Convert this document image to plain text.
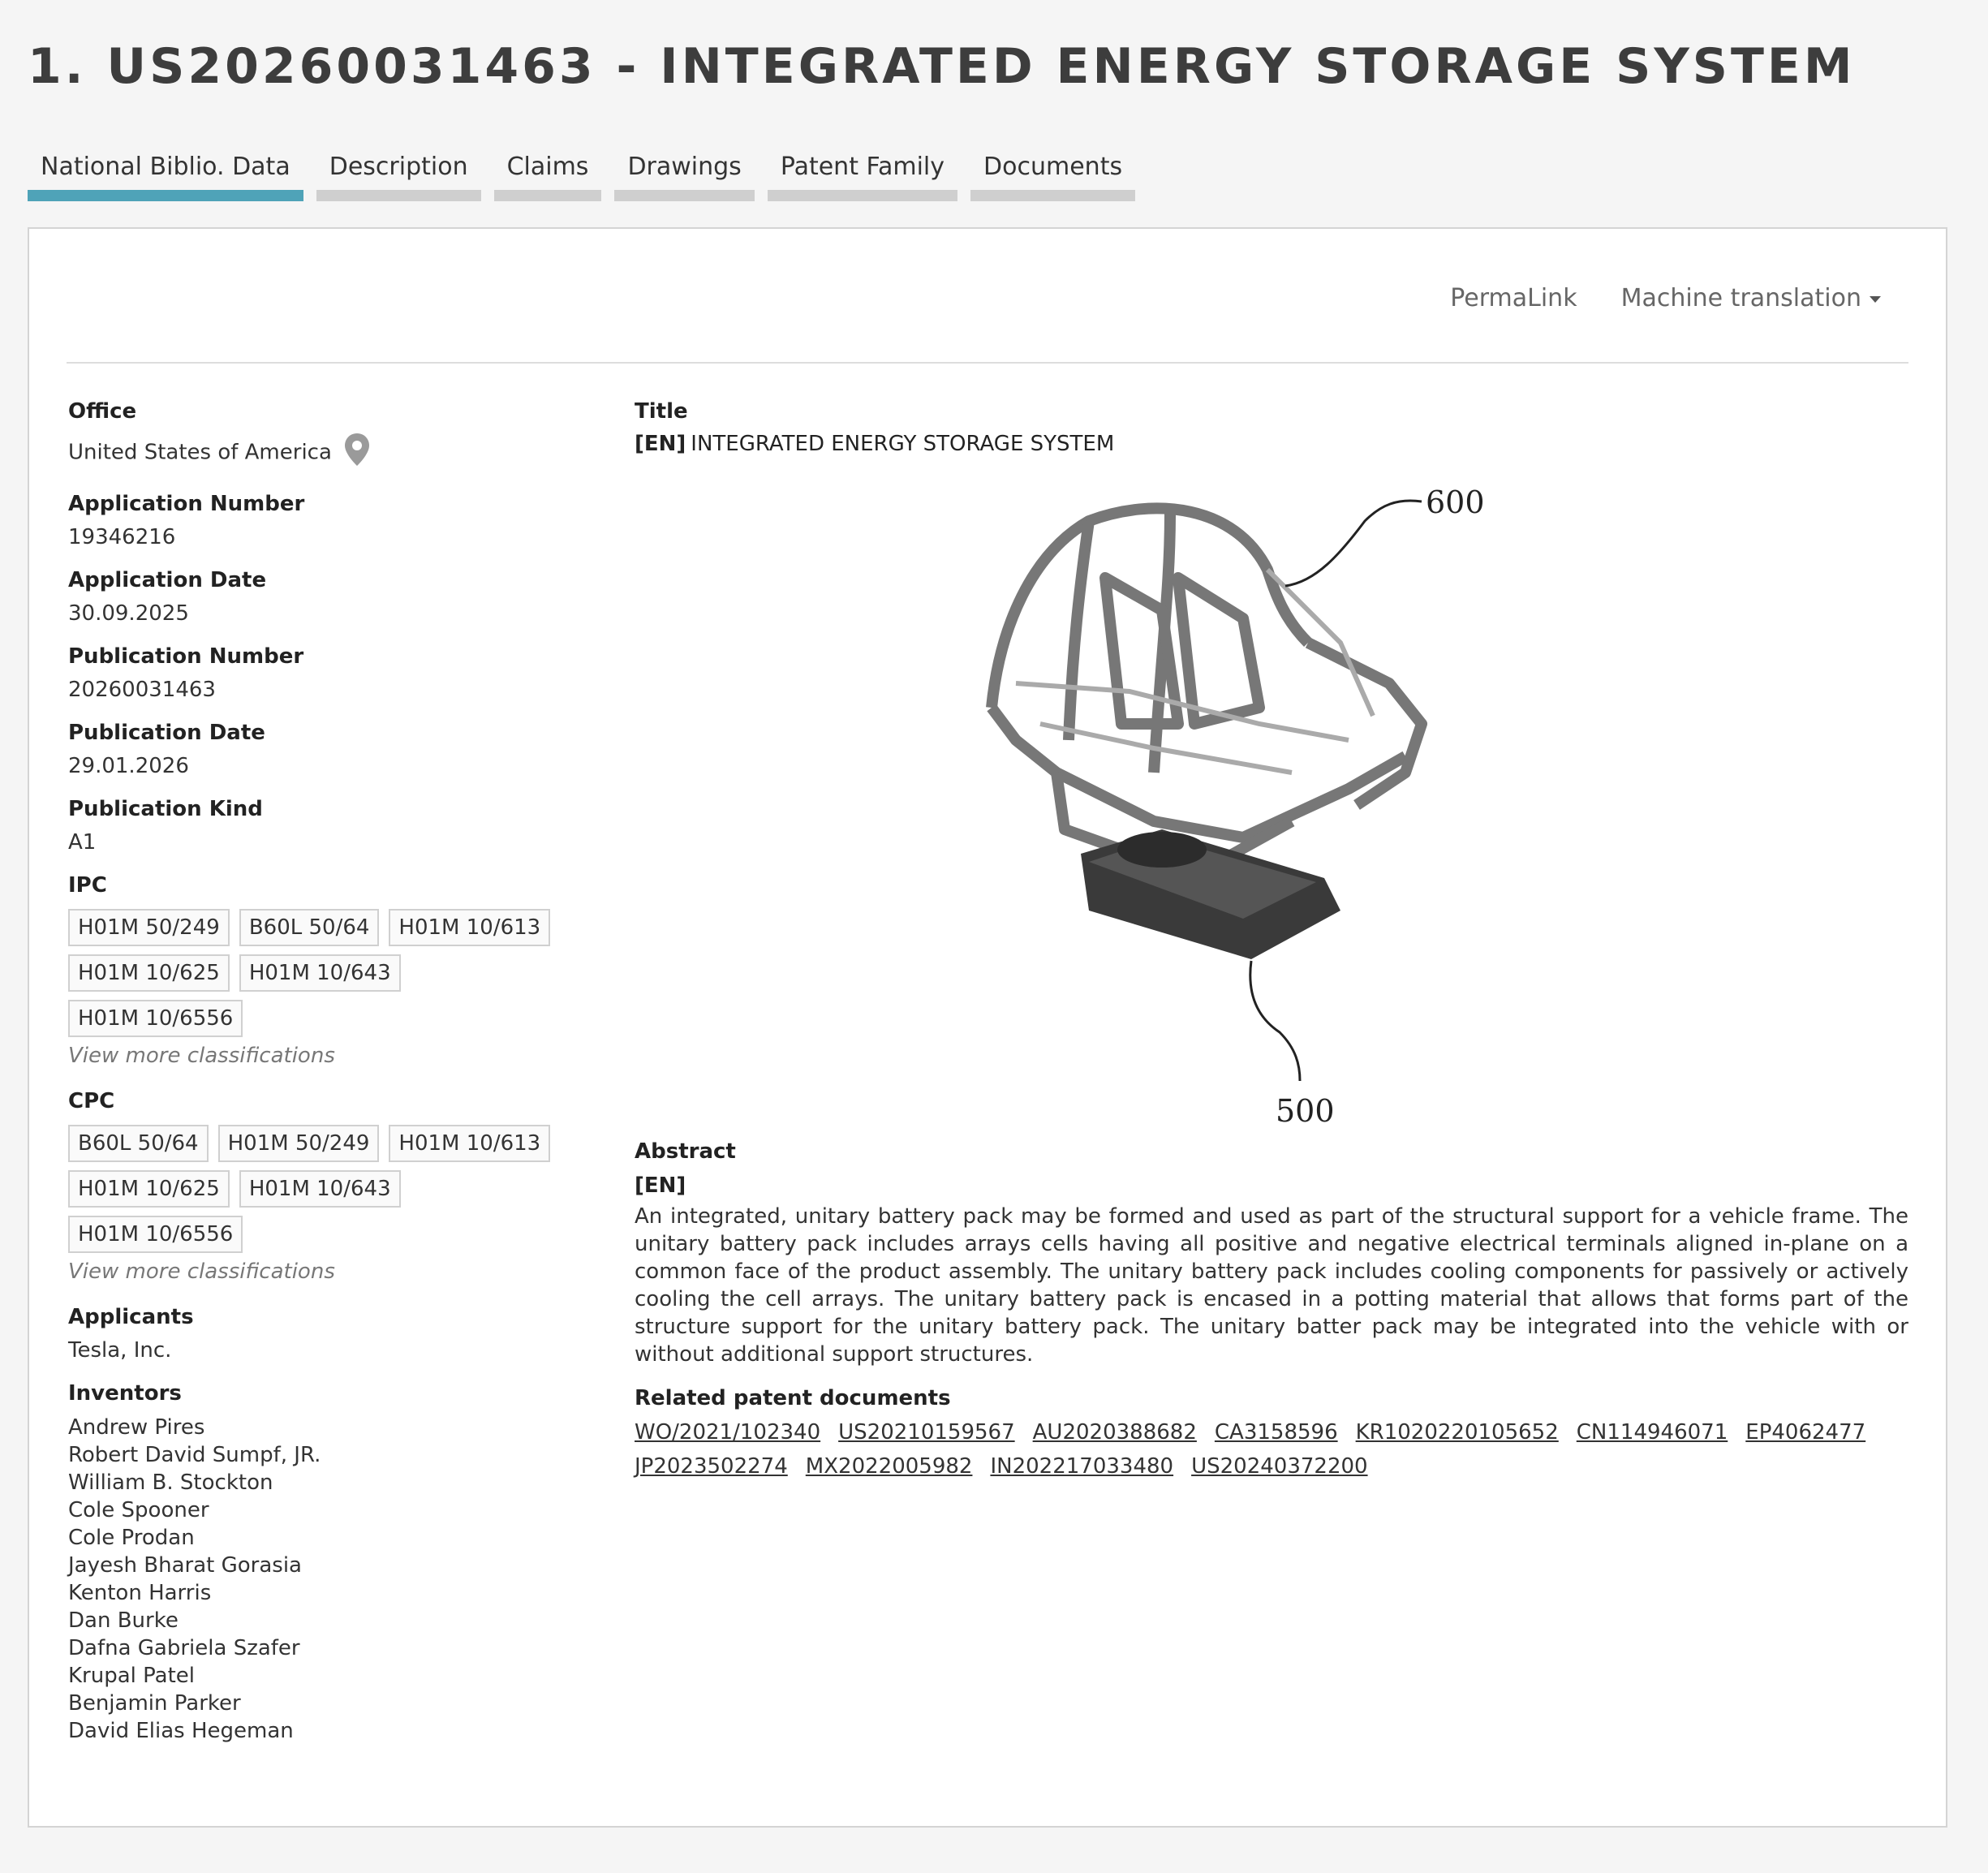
1. US20260031463 - INTEGRATED ENERGY STORAGE SYSTEM
National Biblio. Data	Description	Claims	Drawings	Patent Family	Documents
PermaLink Machine translation

Office

United States of America

Application Number

19346216

Application Date

30.09.2025

Publication Number

20260031463

Publication Date

29.01.2026

Publication Kind

A1

IPC

H01M 50/249	B60L 50/64	H01M 10/613
H01M 10/625	H01M 10/643
H01M 10/6556
View more classifications

CPC

B60L 50/64	H01M 50/249	H01M 10/613
H01M 10/625	H01M 10/643
H01M 10/6556
View more classifications

Applicants

Tesla, Inc.

Inventors

Andrew Pires
Robert David Sumpf, JR.
William B. Stockton
Cole Spooner
Cole Prodan
Jayesh Bharat Gorasia
Kenton Harris
Dan Burke
Dafna Gabriela Szafer
Krupal Patel
Benjamin Parker
David Elias Hegeman

Title

[EN] INTEGRATED ENERGY STORAGE SYSTEM

600
500

Abstract

[EN]

An integrated, unitary battery pack may be formed and used as part of the structural support for a vehicle frame. The unitary battery pack includes arrays cells having all positive and negative electrical terminals aligned in-plane on a common face of the product assembly. The unitary battery pack includes cooling components for passively or actively cooling the cell arrays. The unitary battery pack is encased in a potting material that allows that forms part of the structure support for the unitary battery pack. The unitary batter pack may be integrated into the vehicle with or without additional support structures.

Related patent documents

WO/2021/102340 US20210159567 AU2020388682 CA3158596 KR1020220105652 CN114946071 EP4062477
JP2023502274 MX2022005982 IN202217033480 US20240372200
